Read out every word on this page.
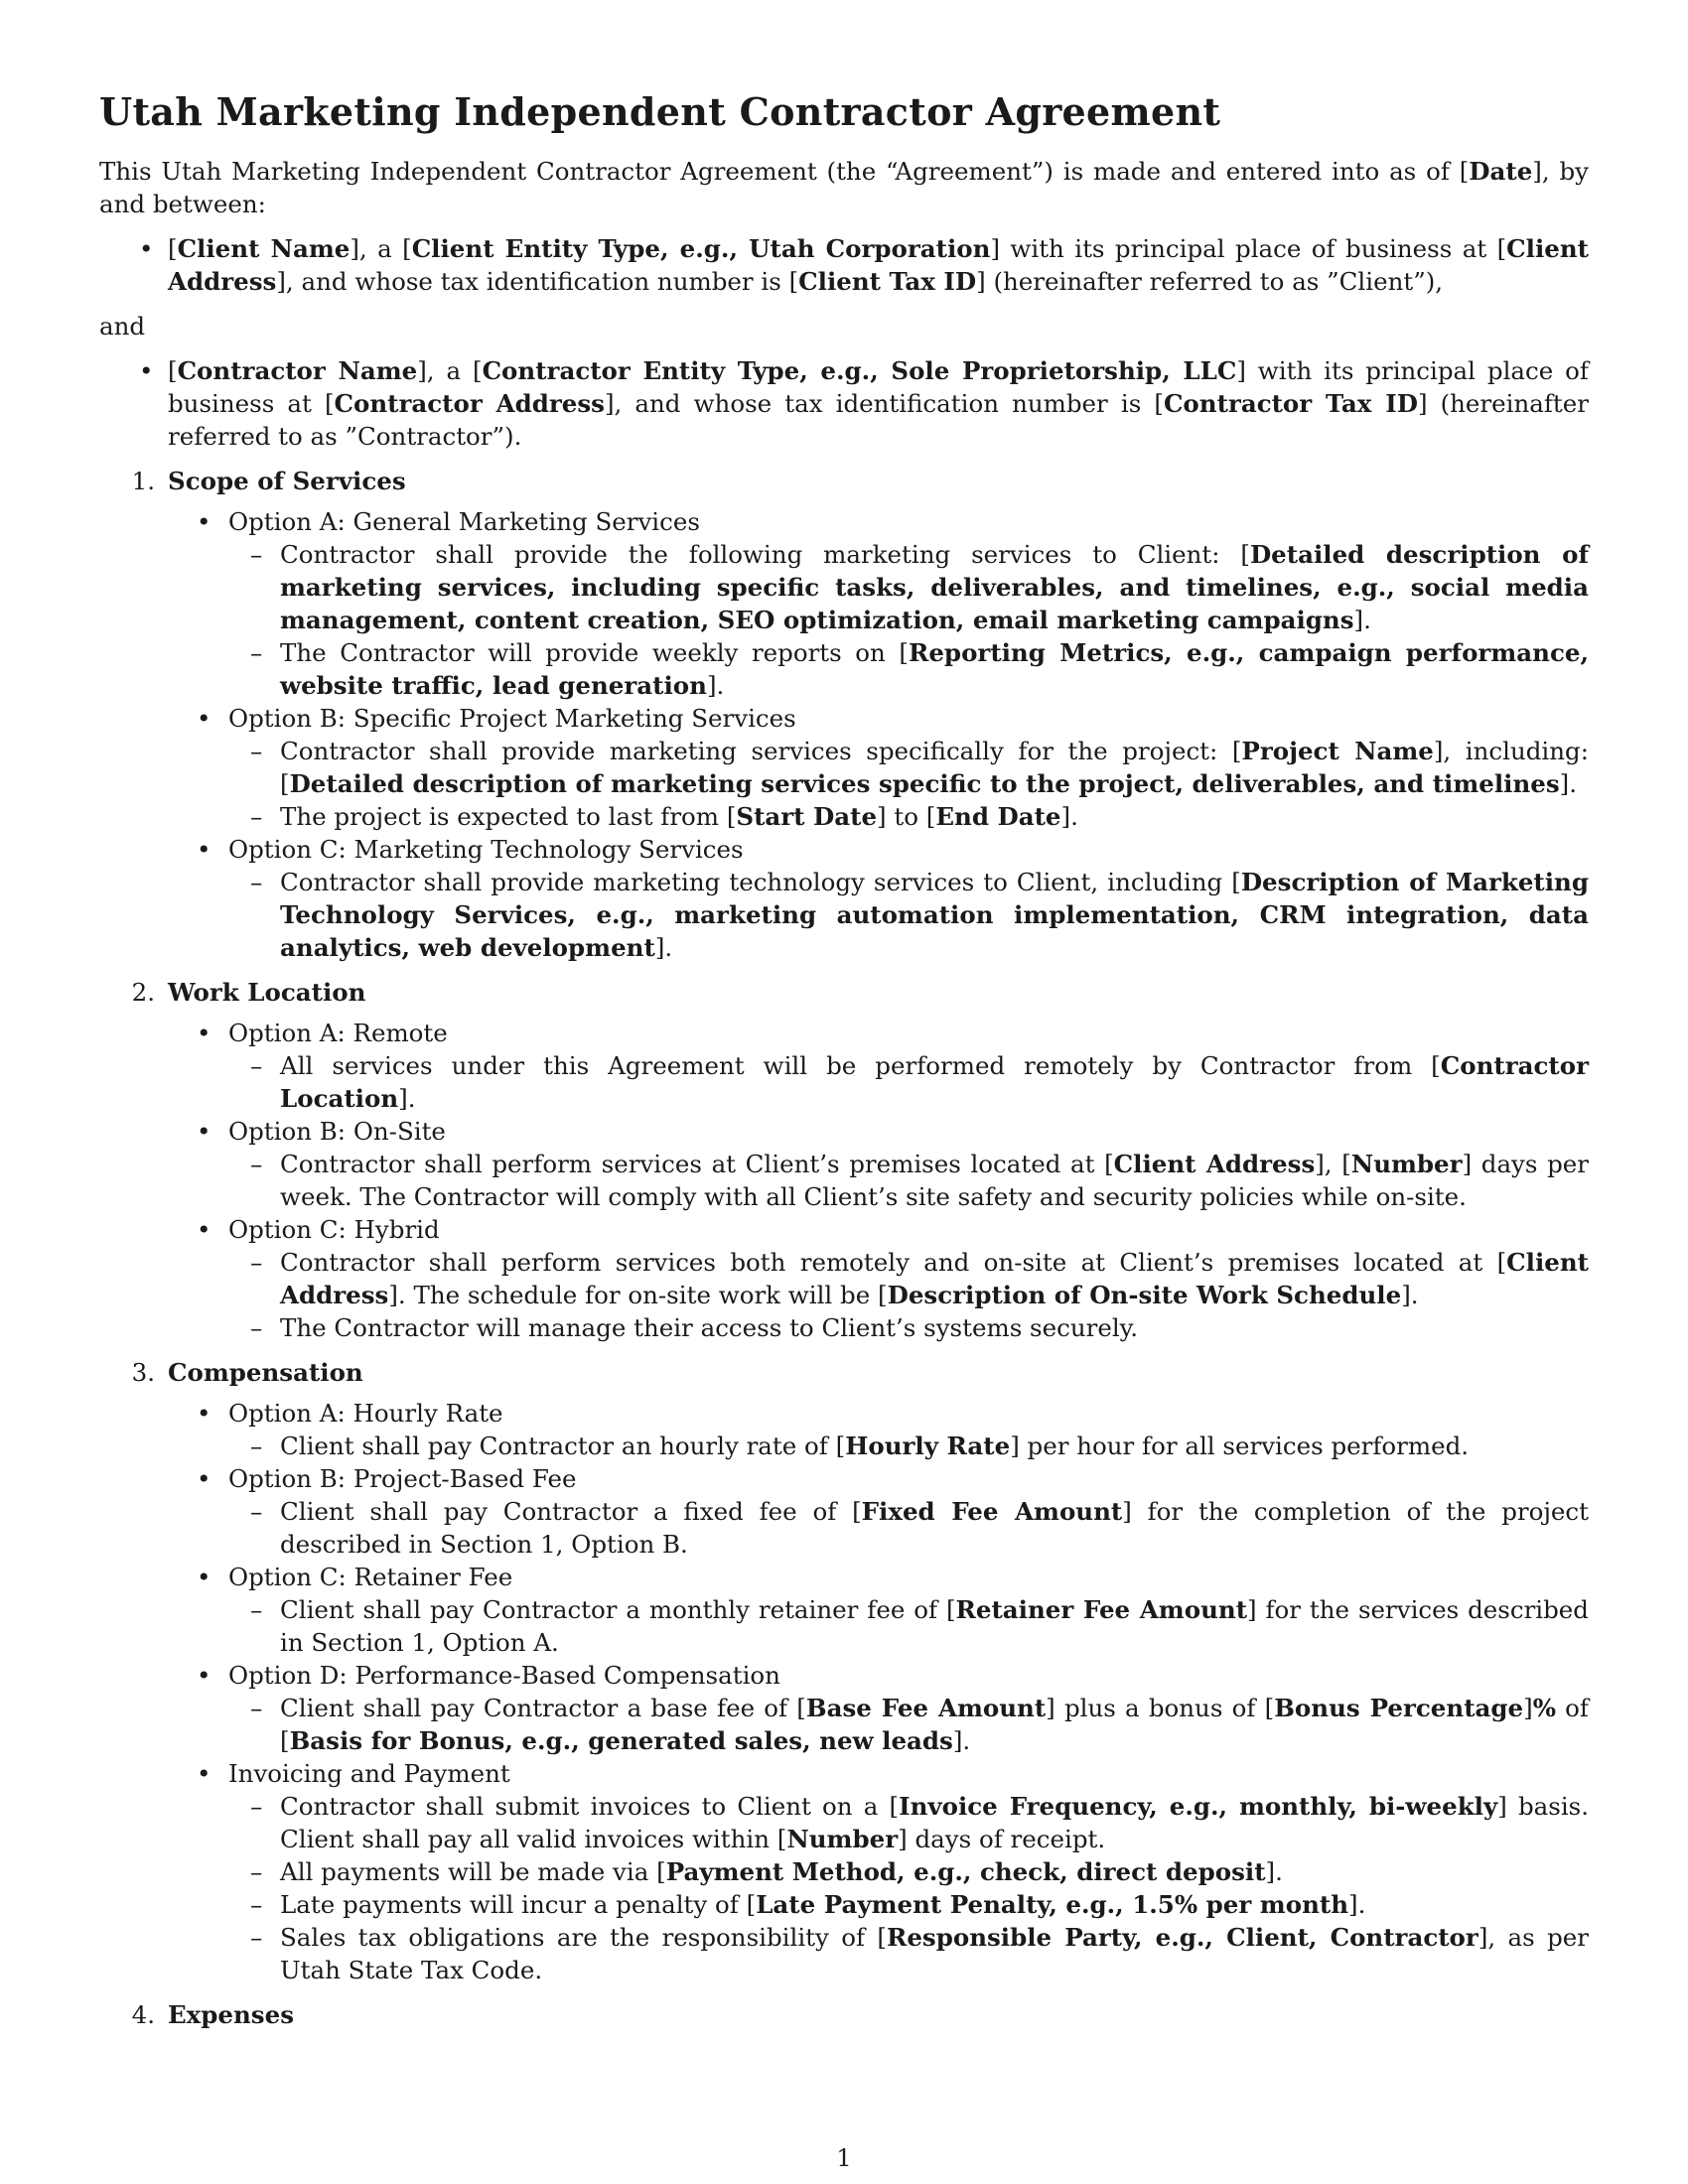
Utah Marketing Independent Contractor Agreement

This Utah Marketing Independent Contractor Agreement (the “Agreement”) is made and entered into as of [Date], by and between:

• [Client Name], a [Client Entity Type, e.g., Utah Corporation] with its principal place of business at [Client Address], and whose tax identification number is [Client Tax ID] (hereinafter referred to as ”Client”),

and

• [Contractor Name], a [Contractor Entity Type, e.g., Sole Proprietorship, LLC] with its principal place of business at [Contractor Address], and whose tax identification number is [Contractor Tax ID] (hereinafter referred to as ”Contractor”).
1. Scope of Services
• Option A: General Marketing Services
– Contractor shall provide the following marketing services to Client: [Detailed description of marketing services, including specific tasks, deliverables, and timelines, e.g., social media management, content creation, SEO optimization, email marketing campaigns].
– The Contractor will provide weekly reports on [Reporting Metrics, e.g., campaign performance, website traffic, lead generation].
• Option B: Specific Project Marketing Services
– Contractor shall provide marketing services specifically for the project: [Project Name], including: [Detailed description of marketing services specific to the project, deliverables, and timelines].
– The project is expected to last from [Start Date] to [End Date].
• Option C: Marketing Technology Services
– Contractor shall provide marketing technology services to Client, including [Description of Marketing Technology Services, e.g., marketing automation implementation, CRM integration, data analytics, web development].
2. Work Location
• Option A: Remote
– All services under this Agreement will be performed remotely by Contractor from [Contractor Location].
• Option B: On-Site
– Contractor shall perform services at Client’s premises located at [Client Address], [Number] days per week. The Contractor will comply with all Client’s site safety and security policies while on-site.
• Option C: Hybrid
– Contractor shall perform services both remotely and on-site at Client’s premises located at [Client Address]. The schedule for on-site work will be [Description of On-site Work Schedule].
– The Contractor will manage their access to Client’s systems securely.
3. Compensation
• Option A: Hourly Rate
– Client shall pay Contractor an hourly rate of [Hourly Rate] per hour for all services performed.
• Option B: Project-Based Fee
– Client shall pay Contractor a fixed fee of [Fixed Fee Amount] for the completion of the project described in Section 1, Option B.
• Option C: Retainer Fee
– Client shall pay Contractor a monthly retainer fee of [Retainer Fee Amount] for the services described in Section 1, Option A.
• Option D: Performance-Based Compensation
– Client shall pay Contractor a base fee of [Base Fee Amount] plus a bonus of [Bonus Percentage]% of [Basis for Bonus, e.g., generated sales, new leads].
• Invoicing and Payment
– Contractor shall submit invoices to Client on a [Invoice Frequency, e.g., monthly, bi-weekly] basis. Client shall pay all valid invoices within [Number] days of receipt.
– All payments will be made via [Payment Method, e.g., check, direct deposit].
– Late payments will incur a penalty of [Late Payment Penalty, e.g., 1.5% per month].
– Sales tax obligations are the responsibility of [Responsible Party, e.g., Client, Contractor], as per Utah State Tax Code.
4. Expenses
1
